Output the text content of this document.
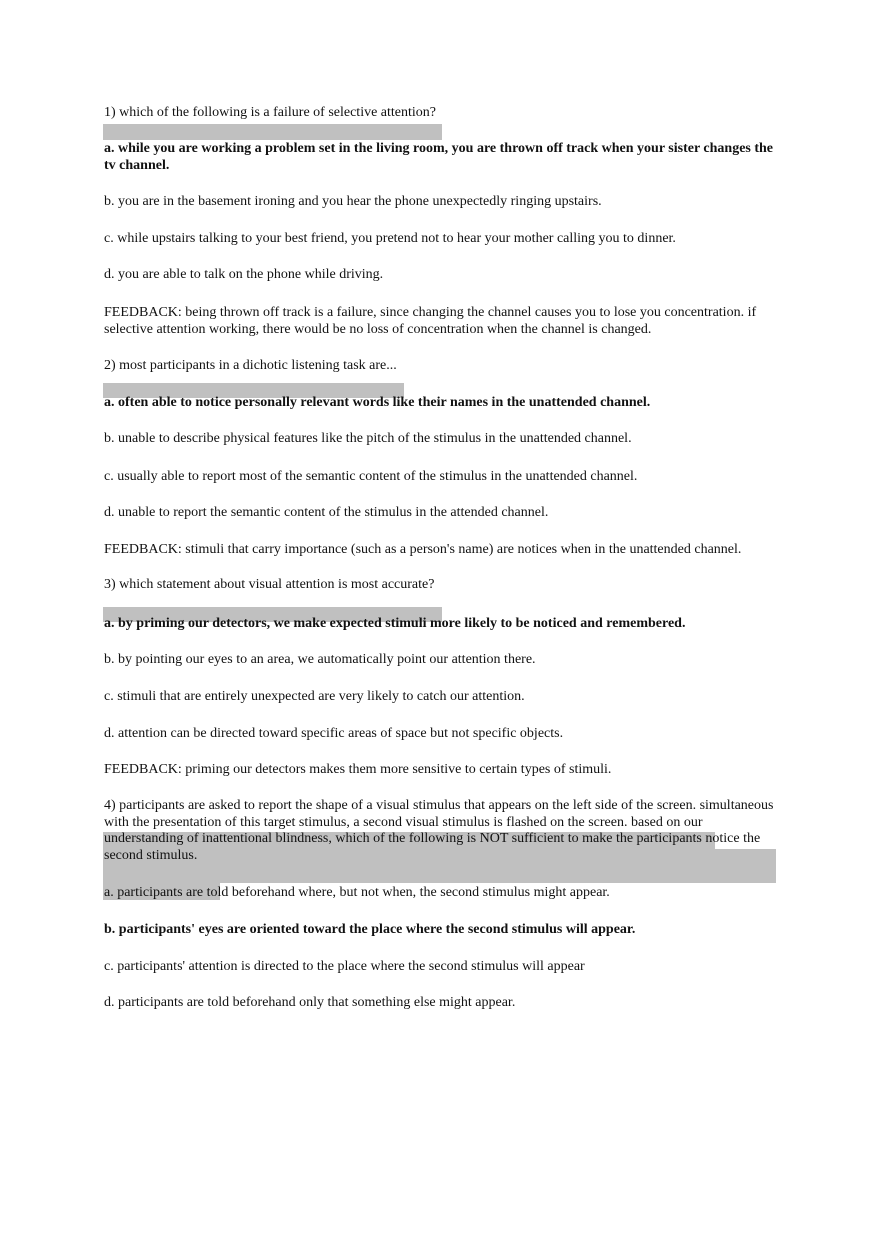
1) which of the following is a failure of selective attention?
a. while you are working a problem set in the living room, you are thrown off track when your sister changes the tv channel.
b. you are in the basement ironing and you hear the phone unexpectedly ringing upstairs.
c. while upstairs talking to your best friend, you pretend not to hear your mother calling you to dinner.
d. you are able to talk on the phone while driving.
FEEDBACK: being thrown off track is a failure, since changing the channel causes you to lose you concentration. if selective attention working, there would be no loss of concentration when the channel is changed.
2) most participants in a dichotic listening task are...
a. often able to notice personally relevant words like their names in the unattended channel.
b. unable to describe physical features like the pitch of the stimulus in the unattended channel.
c. usually able to report most of the semantic content of the stimulus in the unattended channel.
d. unable to report the semantic content of the stimulus in the attended channel.
FEEDBACK: stimuli that carry importance (such as a person's name) are notices when in the unattended channel.
3) which statement about visual attention is most accurate?
a. by priming our detectors, we make expected stimuli more likely to be noticed and remembered.
b. by pointing our eyes to an area, we automatically point our attention there.
c. stimuli that are entirely unexpected are very likely to catch our attention.
d. attention can be directed toward specific areas of space but not specific objects.
FEEDBACK: priming our detectors makes them more sensitive to certain types of stimuli.
4) participants are asked to report the shape of a visual stimulus that appears on the left side of the screen. simultaneous with the presentation of this target stimulus, a second visual stimulus is flashed on the screen. based on our understanding of inattentional blindness, which of the following is NOT sufficient to make the participants notice the second stimulus.
a. participants are told beforehand where, but not when, the second stimulus might appear.
b. participants' eyes are oriented toward the place where the second stimulus will appear.
c. participants' attention is directed to the place where the second stimulus will appear
d. participants are told beforehand only that something else might appear.
